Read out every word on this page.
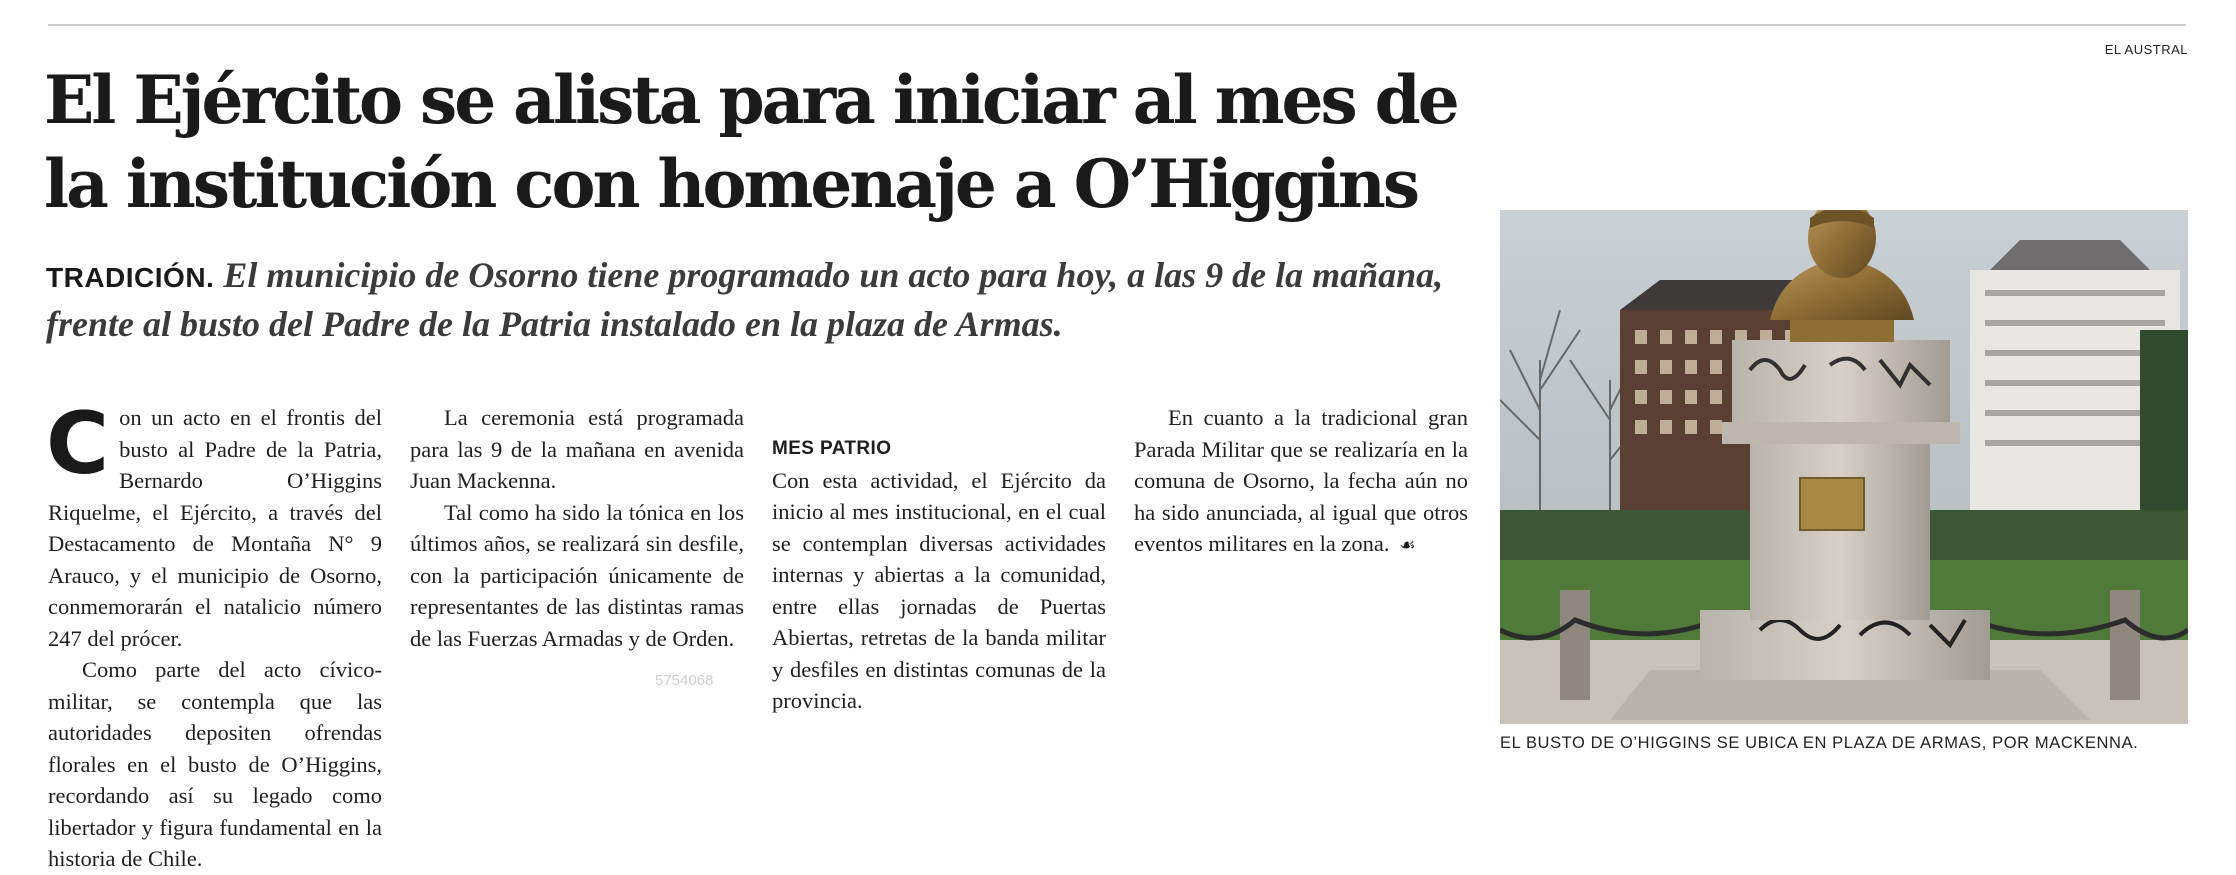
EL AUSTRAL
El Ejército se alista para iniciar al mes de la institución con homenaje a O’Higgins

TRADICIÓN. El municipio de Osorno tiene programado un acto para hoy, a las 9 de la mañana, frente al busto del Padre de la Patria instalado en la plaza de Armas.

Con un acto en el frontis del busto al Padre de la Patria, Bernardo O’Higgins Riquelme, el Ejército, a través del Destacamento de Montaña N° 9 Arauco, y el municipio de Osorno, conmemorarán el natalicio número 247 del prócer.

Como parte del acto cívico-militar, se contempla que las autoridades depositen ofrendas florales en el busto de O’Higgins, recordando así su legado como libertador y figura fundamental en la historia de Chile.

La ceremonia está programada para las 9 de la mañana en avenida Juan Mackenna.

Tal como ha sido la tónica en los últimos años, se realizará sin desfile, con la participación únicamente de representantes de las distintas ramas de las Fuerzas Armadas y de Orden.

MES PATRIO

Con esta actividad, el Ejército da inicio al mes institucional, en el cual se contemplan diversas actividades internas y abiertas a la comunidad, entre ellas jornadas de Puertas Abiertas, retretas de la banda militar y desfiles en distintas comunas de la provincia.

En cuanto a la tradicional gran Parada Militar que se realizaría en la comuna de Osorno, la fecha aún no ha sido anunciada, al igual que otros eventos militares en la zona. ☙

5754068
EL BUSTO DE O’HIGGINS SE UBICA EN PLAZA DE ARMAS, POR MACKENNA.
